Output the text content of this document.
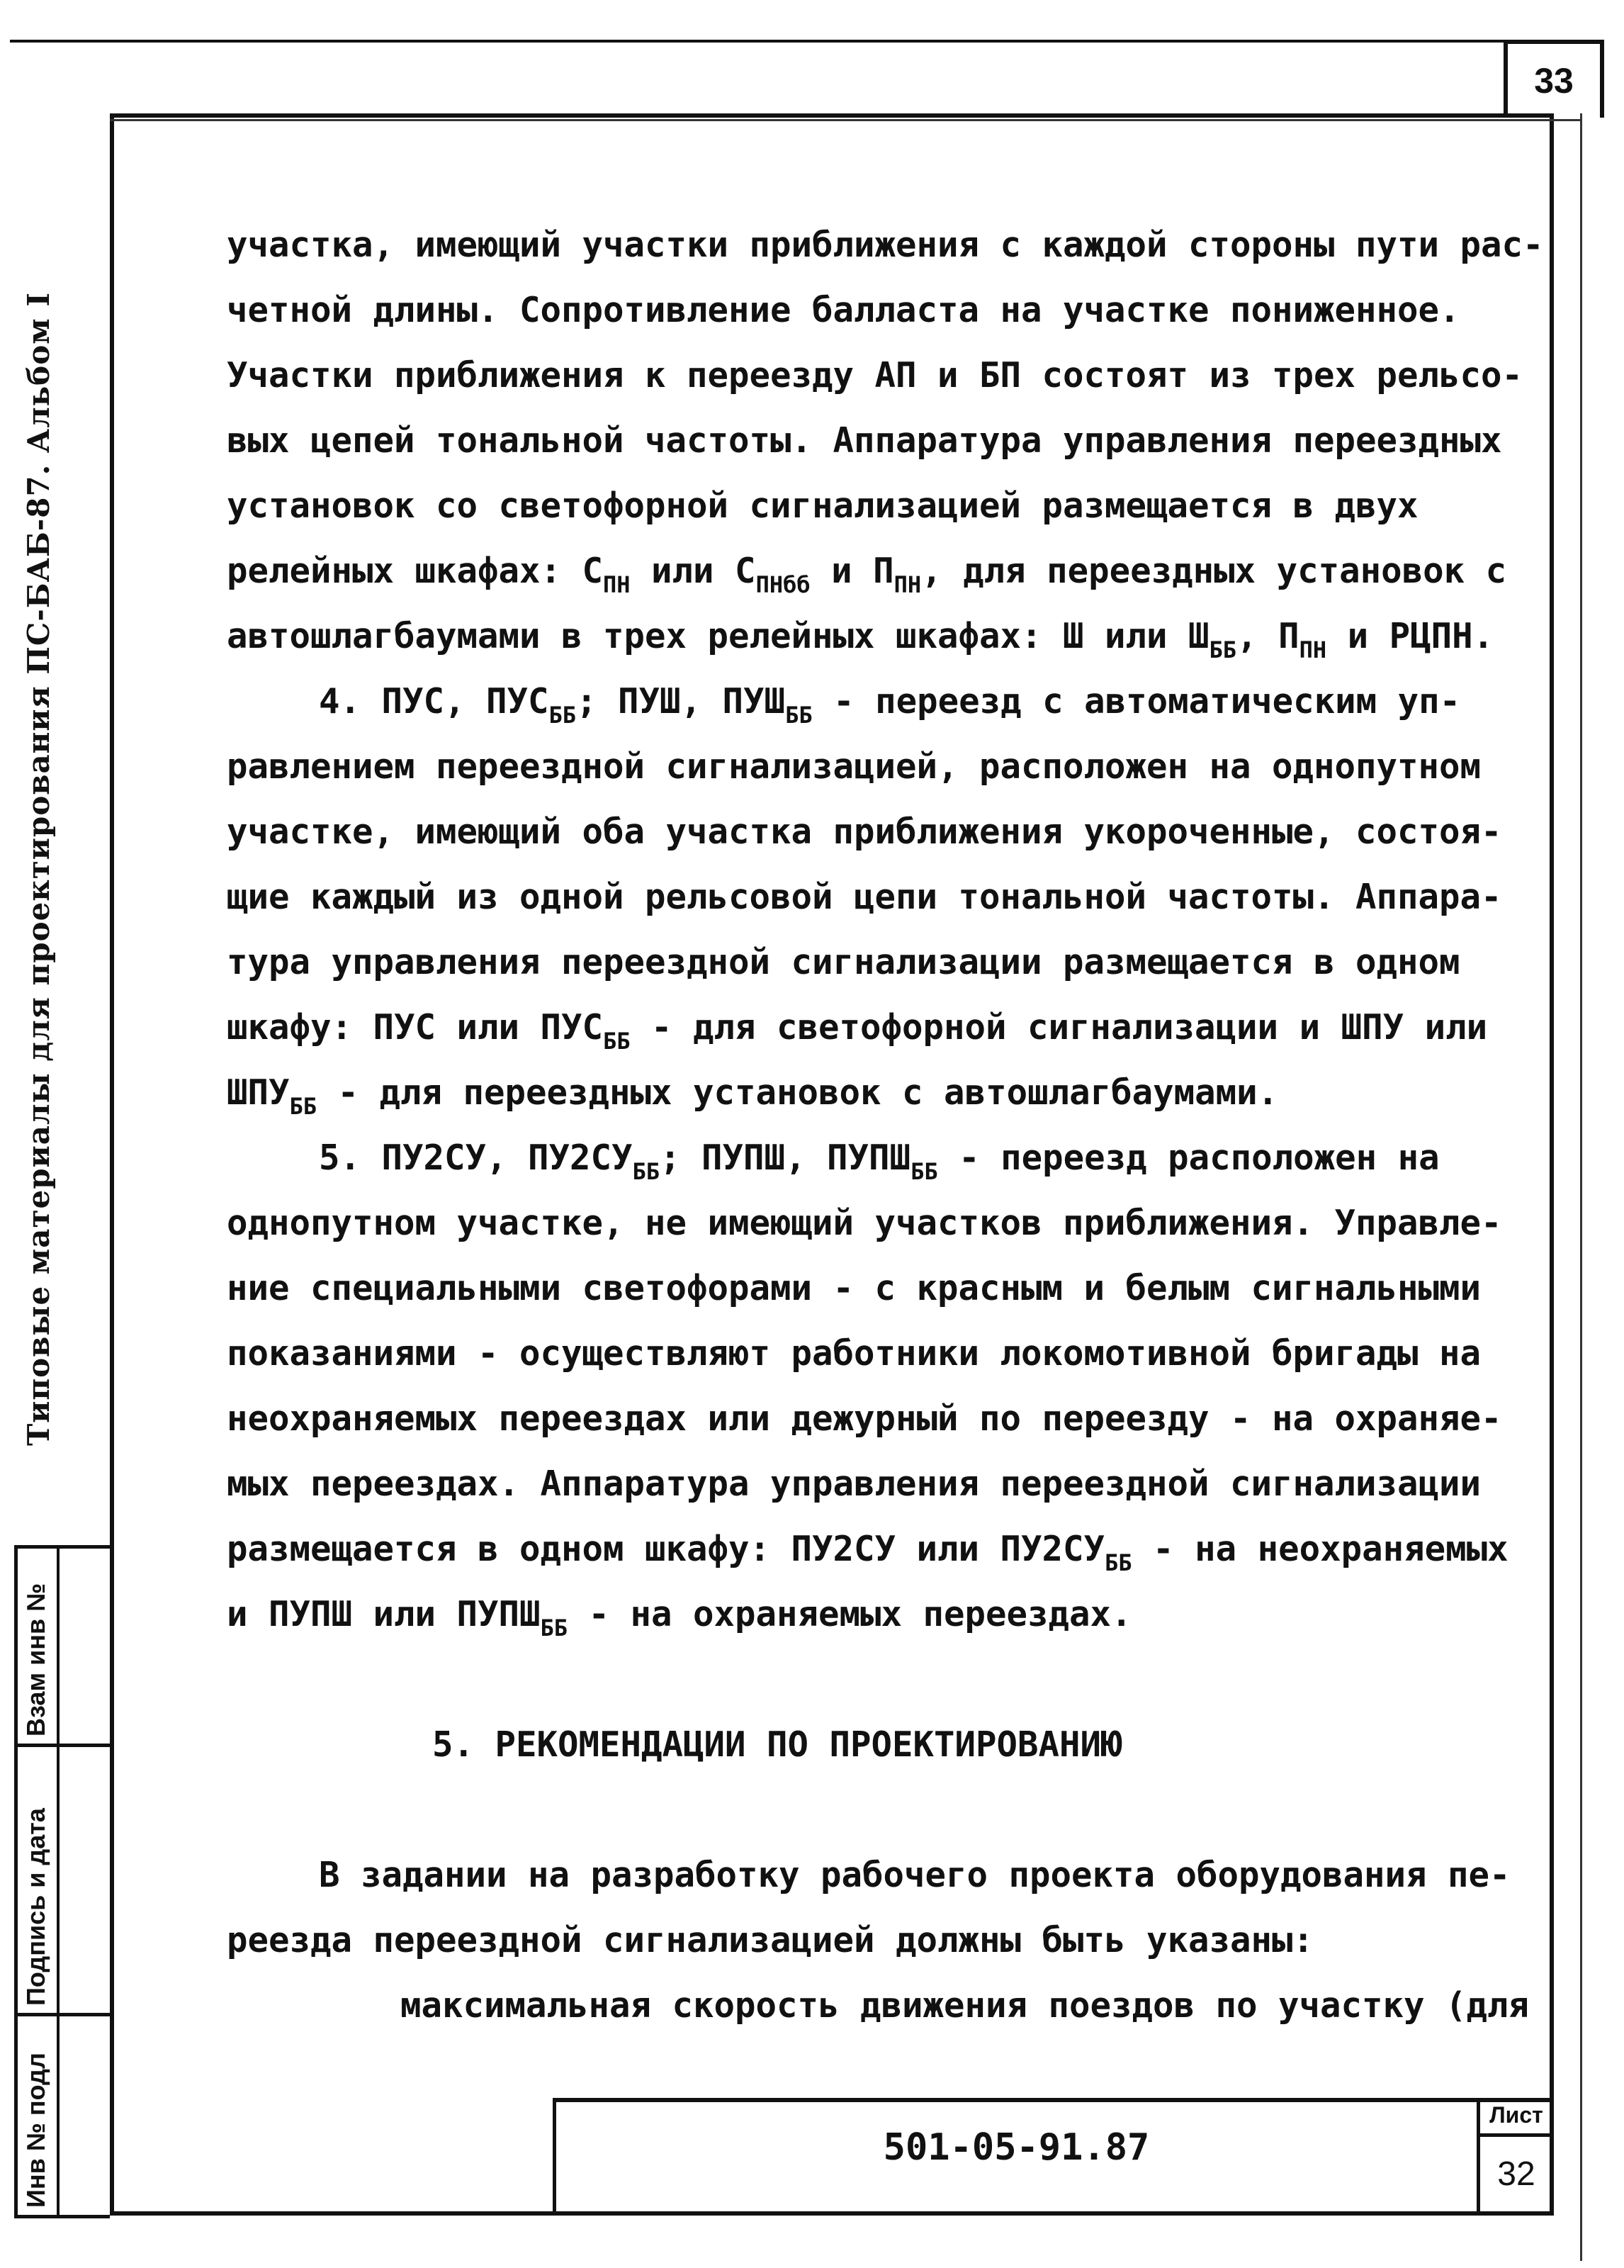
33
Типовые материалы для проектирования ПС-БАБ-87. Альбом I
Инв № подл
Подпись и дата
Взам инв №
участка, имеющий участки приближения с каждой стороны пути рас-
четной длины. Сопротивление балласта на участке пониженное.
Участки приближения к переезду АП и БП состоят из трех рельсо-
вых цепей тональной частоты. Аппаратура управления переездных
установок со светофорной сигнализацией размещается в двух
релейных шкафах: $С_{ПН}$ или $С_{ПНбб}$ и $П_{ПН}$, для переездных установок с
автошлагбаумами в трех релейных шкафах: Ш или $Ш_{ББ}$, $П_{ПН}$ и РЦПН.
4. ПУС, $ПУС_{ББ}$; ПУШ, $ПУШ_{ББ}$ - переезд с автоматическим уп-
равлением переездной сигнализацией, расположен на однопутном
участке, имеющий оба участка приближения укороченные, состоя-
щие каждый из одной рельсовой цепи тональной частоты. Аппара-
тура управления переездной сигнализации размещается в одном
шкафу: ПУС или $ПУС_{ББ}$ - для светофорной сигнализации и ШПУ или
$ШПУ_{ББ}$ - для переездных установок с автошлагбаумами.
5. ПУ2СУ, $ПУ2СУ_{ББ}$; ПУПШ, $ПУПШ_{ББ}$ - переезд расположен на
однопутном участке, не имеющий участков приближения. Управле-
ние специальными светофорами - с красным и белым сигнальными
показаниями - осуществляют работники локомотивной бригады на
неохраняемых переездах или дежурный по переезду - на охраняе-
мых переездах. Аппаратура управления переездной сигнализации
размещается в одном шкафу: ПУ2СУ или $ПУ2СУ_{ББ}$ - на неохраняемых
и ПУПШ или $ПУПШ_{ББ}$ - на охраняемых переездах.
5. РЕКОМЕНДАЦИИ ПО ПРОЕКТИРОВАНИЮ
В задании на разработку рабочего проекта оборудования пе-
реезда переездной сигнализацией должны быть указаны:
максимальная скорость движения поездов по участку (для
501-05-91.87
Лист
32
